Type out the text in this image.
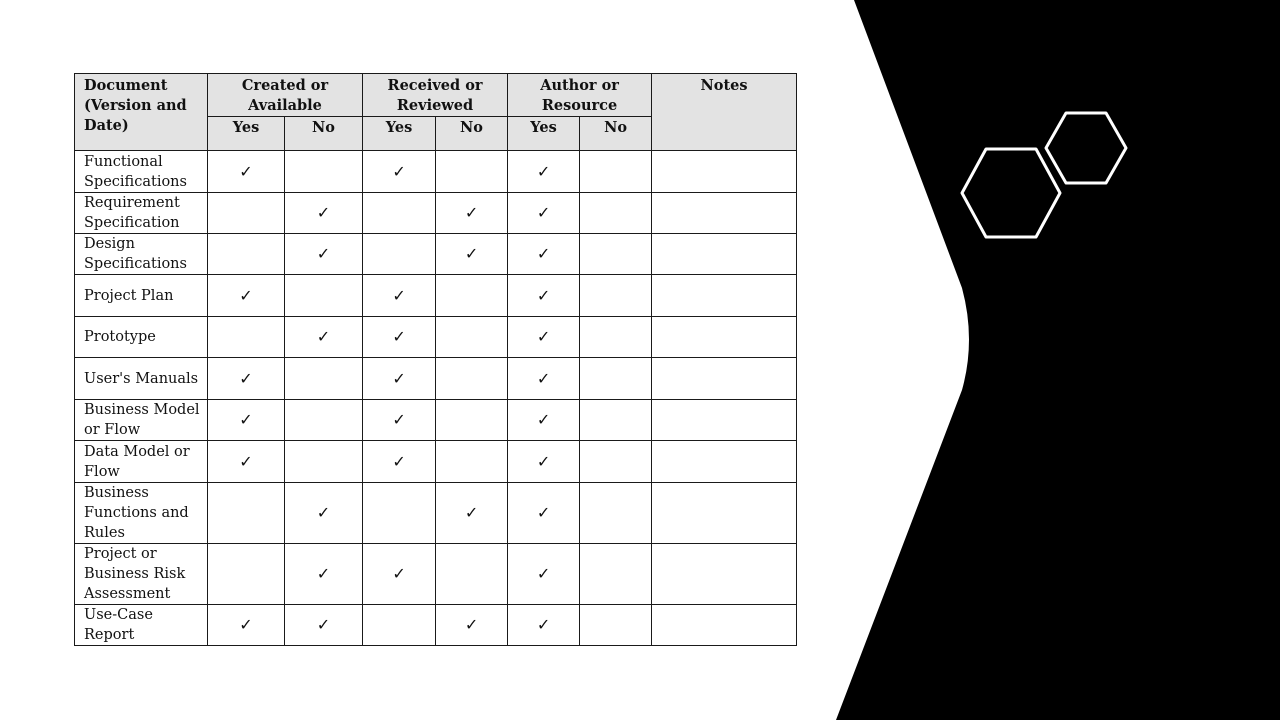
Document (Version and Date)	Created or Available		Received or Reviewed		Author or Resource		Notes
	Yes	No	Yes	No	Yes	No	
Functional Specifications	✓		✓		✓		
Requirement Specification		✓		✓	✓		
Design Specifications		✓		✓	✓		
Project Plan	✓		✓		✓		
Prototype		✓	✓		✓		
User's Manuals	✓		✓		✓		
Business Model or Flow	✓		✓		✓		
Data Model or Flow	✓		✓		✓		
Business Functions and Rules		✓		✓	✓		
Project or Business Risk Assessment		✓	✓		✓		
Use-Case Report	✓	✓		✓	✓		
